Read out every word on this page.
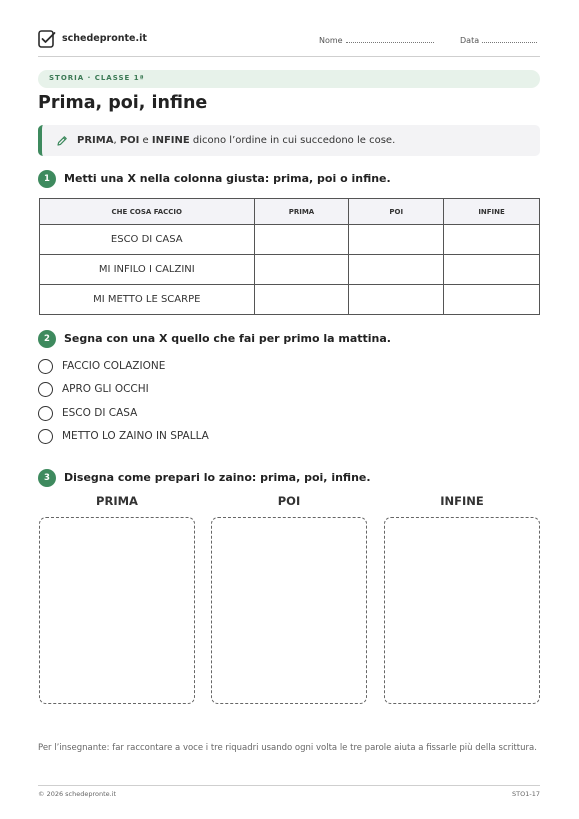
schedepronte.it	Nome	Data
STORIA · CLASSE 1ª
Prima, poi, infine
PRIMA, POI e INFINE dicono l’ordine in cui succedono le cose.
1	Metti una X nella colonna giusta: prima, poi o infine.
CHE COSA FACCIO	PRIMA	POI	INFINE
ESCO DI CASA			
MI INFILO I CALZINI			
MI METTO LE SCARPE			
2	Segna con una X quello che fai per primo la mattina.
FACCIO COLAZIONE
APRO GLI OCCHI
ESCO DI CASA
METTO LO ZAINO IN SPALLA
3	Disegna come prepari lo zaino: prima, poi, infine.
PRIMA	POI	INFINE
Per l’insegnante: far raccontare a voce i tre riquadri usando ogni volta le tre parole aiuta a fissarle più della scrittura.
© 2026 schedepronte.it	STO1-17
